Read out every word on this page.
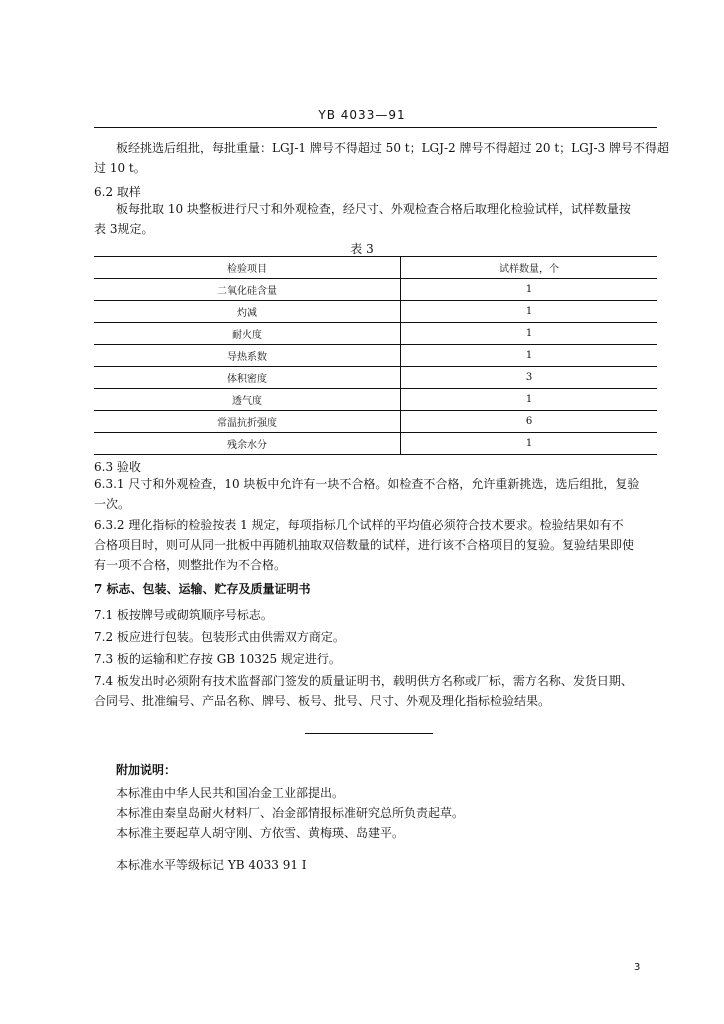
YB 4033—91
板经挑选后组批，每批重量：LGJ-1 牌号不得超过 50 t；LGJ-2 牌号不得超过 20 t；LGJ-3 牌号不得超
过 10 t。
6.2 取样
板每批取 10 块整板进行尺寸和外观检查，经尺寸、外观检查合格后取理化检验试样，试样数量按
表 3规定。
表 3
检验项目	试样数量，个
二氧化硅含量	1
灼减	1
耐火度	1
导热系数	1
体积密度	3
透气度	1
常温抗折强度	6
残余水分	1
6.3 验收
6.3.1 尺寸和外观检查，10 块板中允许有一块不合格。如检查不合格，允许重新挑选，选后组批，复验
一次。
6.3.2 理化指标的检验按表 1 规定，每项指标几个试样的平均值必须符合技术要求。检验结果如有不
合格项目时，则可从同一批板中再随机抽取双倍数量的试样，进行该不合格项目的复验。复验结果即使
有一项不合格，则整批作为不合格。
7 标志、包装、运输、贮存及质量证明书
7.1 板按牌号或砌筑顺序号标志。
7.2 板应进行包装。包装形式由供需双方商定。
7.3 板的运输和贮存按 GB 10325 规定进行。
7.4 板发出时必须附有技术监督部门签发的质量证明书，载明供方名称或厂标，需方名称、发货日期、
合同号、批准编号、产品名称、牌号、板号、批号、尺寸、外观及理化指标检验结果。
附加说明：
本标准由中华人民共和国冶金工业部提出。
本标准由秦皇岛耐火材料厂、冶金部情报标准研究总所负责起草。
本标准主要起草人胡守刚、方依雪、黄梅瑛、岛建平。
本标准水平等级标记 YB 4033 91 I
3
